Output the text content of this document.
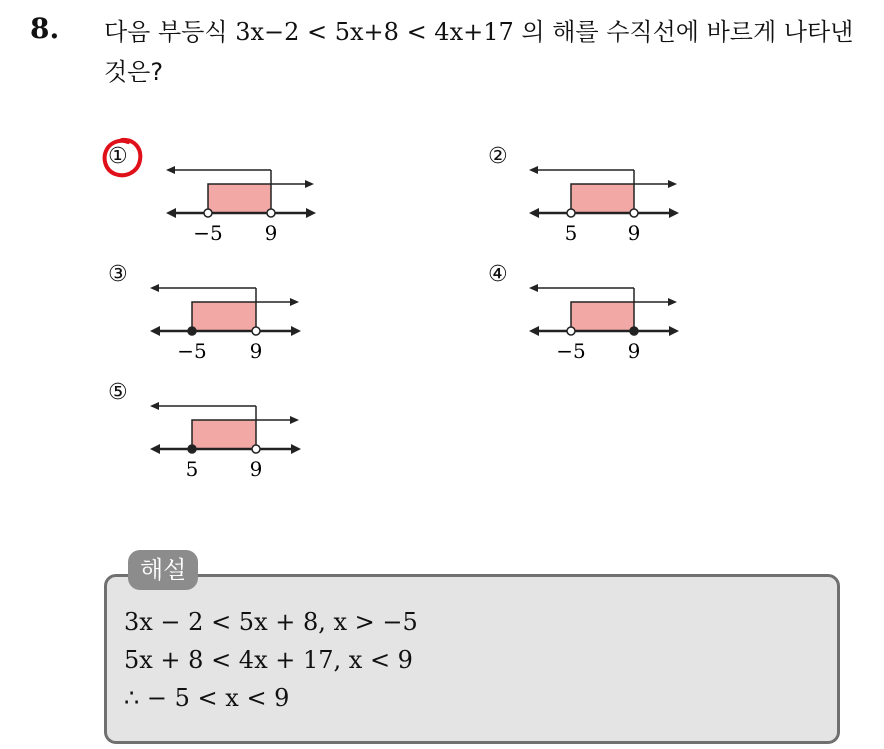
8. 다음 부등식 3x−2 < 5x+8 < 4x+17 의 해를 수직선에 바르게 나타낸
것은?
①
−5 9
②
5	9
③
−5 9
④
−5 9
⑤
5	9
해설
3x − 2 < 5x + 8, x > −5
5x + 8 < 4x + 17, x < 9
∴ − 5 < x < 9
